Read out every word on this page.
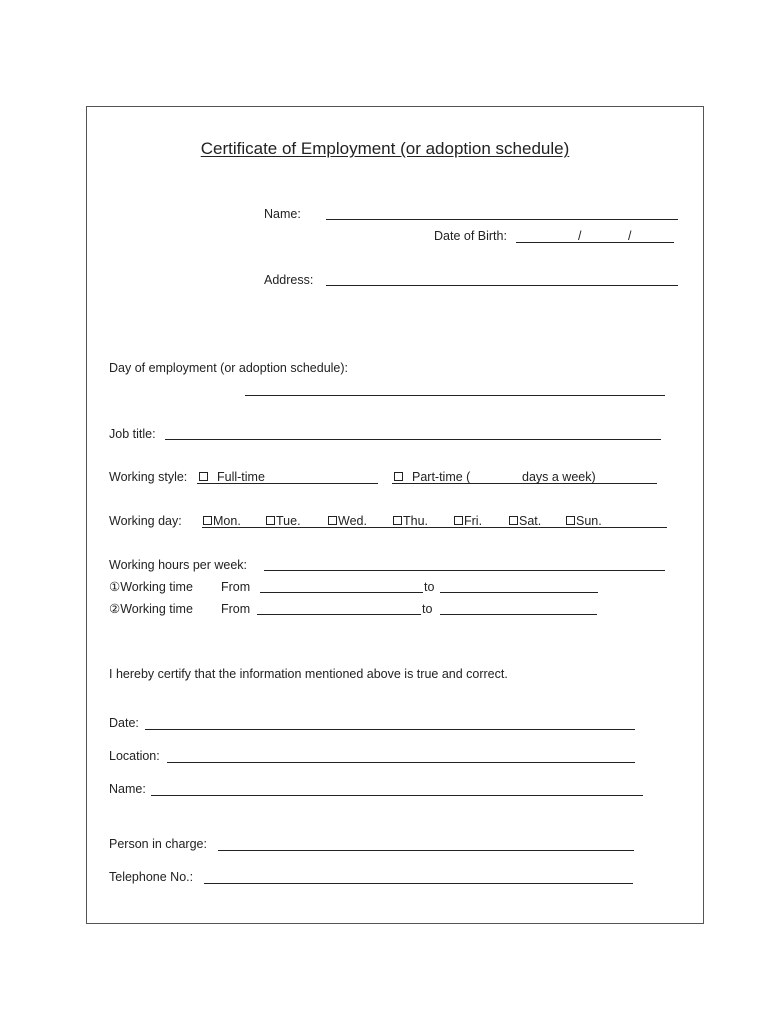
Certificate of Employment (or adoption schedule)
Name:
Date of Birth:	/	/
Address:
Day of employment (or adoption schedule):
Job title:
Working style: Full-time	Part-time (	days a week)
Working day:	Mon.	Tue.	Wed.	Thu.	Fri.	Sat.	Sun.
Working hours per week:
①Working time From	to
②Working time From	to
I hereby certify that the information mentioned above is true and correct.
Date:
Location:
Name:
Person in charge:
Telephone No.:
